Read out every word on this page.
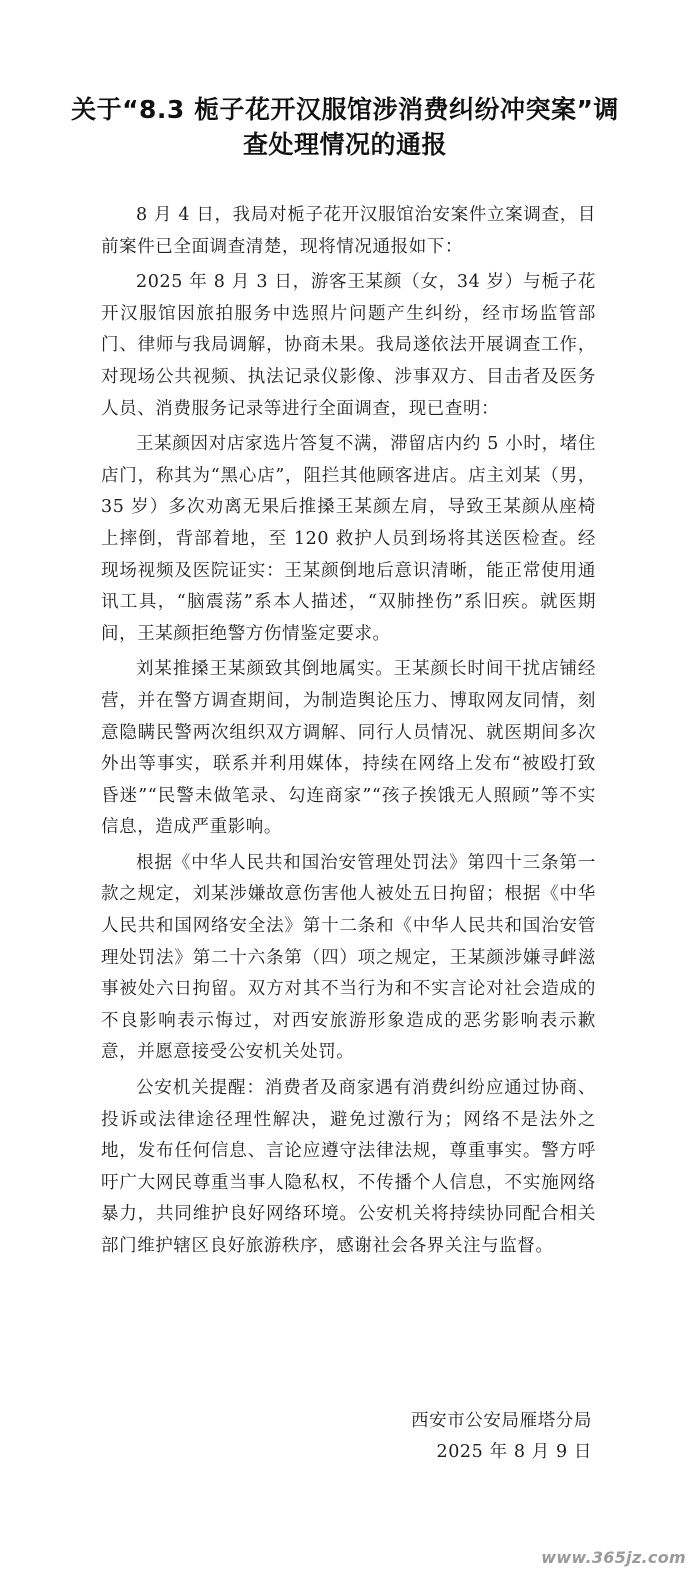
关于“8.3 栀子花开汉服馆涉消费纠纷冲突案”调查处理情况的通报

8 月 4 日，我局对栀子花开汉服馆治安案件立案调查，目前案件已全面调查清楚，现将情况通报如下：

2025 年 8 月 3 日，游客王某颜（女，34 岁）与栀子花开汉服馆因旅拍服务中选照片问题产生纠纷，经市场监管部门、律师与我局调解，协商未果。我局遂依法开展调查工作，对现场公共视频、执法记录仪影像、涉事双方、目击者及医务人员、消费服务记录等进行全面调查，现已查明：

王某颜因对店家选片答复不满，滞留店内约 5 小时，堵住店门，称其为“黑心店”，阻拦其他顾客进店。店主刘某（男，35 岁）多次劝离无果后推搡王某颜左肩，导致王某颜从座椅上摔倒，背部着地，至 120 救护人员到场将其送医检查。经现场视频及医院证实：王某颜倒地后意识清晰，能正常使用通讯工具，“脑震荡”系本人描述，“双肺挫伤”系旧疾。就医期间，王某颜拒绝警方伤情鉴定要求。

刘某推搡王某颜致其倒地属实。王某颜长时间干扰店铺经营，并在警方调查期间，为制造舆论压力、博取网友同情，刻意隐瞒民警两次组织双方调解、同行人员情况、就医期间多次外出等事实，联系并利用媒体，持续在网络上发布“被殴打致昏迷”“民警未做笔录、勾连商家”“孩子挨饿无人照顾”等不实信息，造成严重影响。

根据《中华人民共和国治安管理处罚法》第四十三条第一款之规定，刘某涉嫌故意伤害他人被处五日拘留；根据《中华人民共和国网络安全法》第十二条和《中华人民共和国治安管理处罚法》第二十六条第（四）项之规定，王某颜涉嫌寻衅滋事被处六日拘留。双方对其不当行为和不实言论对社会造成的不良影响表示悔过，对西安旅游形象造成的恶劣影响表示歉意，并愿意接受公安机关处罚。

公安机关提醒：消费者及商家遇有消费纠纷应通过协商、投诉或法律途径理性解决，避免过激行为；网络不是法外之地，发布任何信息、言论应遵守法律法规，尊重事实。警方呼吁广大网民尊重当事人隐私权，不传播个人信息，不实施网络暴力，共同维护良好网络环境。公安机关将持续协同配合相关部门维护辖区良好旅游秩序，感谢社会各界关注与监督。

西安市公安局雁塔分局
2025 年 8 月 9 日
www.365jz.com
